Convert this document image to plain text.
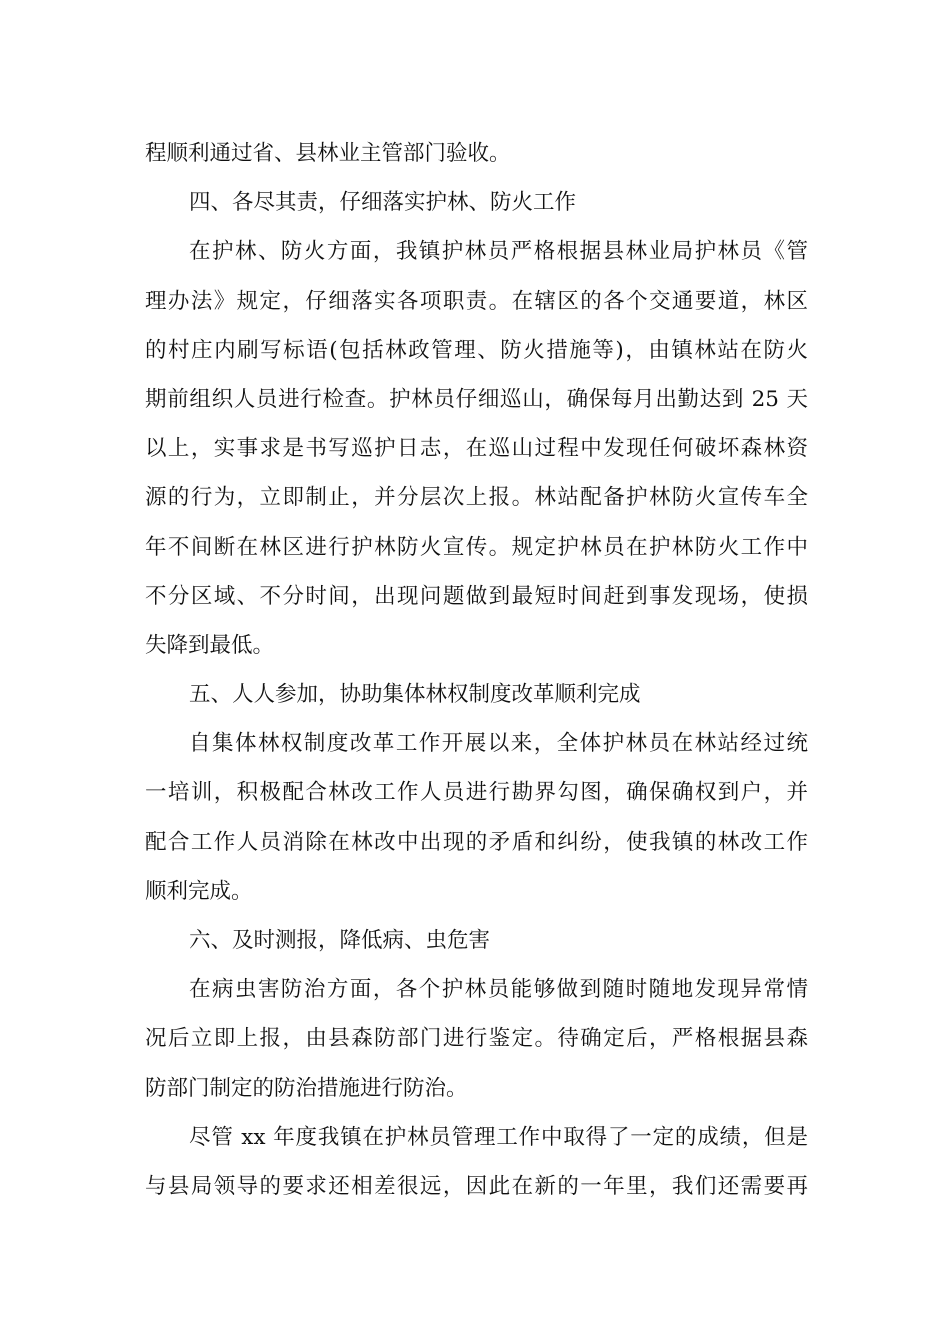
程顺利通过省、县林业主管部门验收。
四、各尽其责，仔细落实护林、防火工作
在护林、防火方面，我镇护林员严格根据县林业局护林员《管
理办法》规定，仔细落实各项职责。在辖区的各个交通要道，林区
的村庄内刷写标语(包括林政管理、防火措施等)，由镇林站在防火
期前组织人员进行检查。护林员仔细巡山，确保每月出勤达到 25 天
以上，实事求是书写巡护日志，在巡山过程中发现任何破坏森林资
源的行为，立即制止，并分层次上报。林站配备护林防火宣传车全
年不间断在林区进行护林防火宣传。规定护林员在护林防火工作中
不分区域、不分时间，出现问题做到最短时间赶到事发现场，使损
失降到最低。
五、人人参加，协助集体林权制度改革顺利完成
自集体林权制度改革工作开展以来，全体护林员在林站经过统
一培训，积极配合林改工作人员进行勘界勾图，确保确权到户，并
配合工作人员消除在林改中出现的矛盾和纠纷，使我镇的林改工作
顺利完成。
六、及时测报，降低病、虫危害
在病虫害防治方面，各个护林员能够做到随时随地发现异常情
况后立即上报，由县森防部门进行鉴定。待确定后，严格根据县森
防部门制定的防治措施进行防治。
尽管 xx 年度我镇在护林员管理工作中取得了一定的成绩，但是
与县局领导的要求还相差很远，因此在新的一年里，我们还需要再
